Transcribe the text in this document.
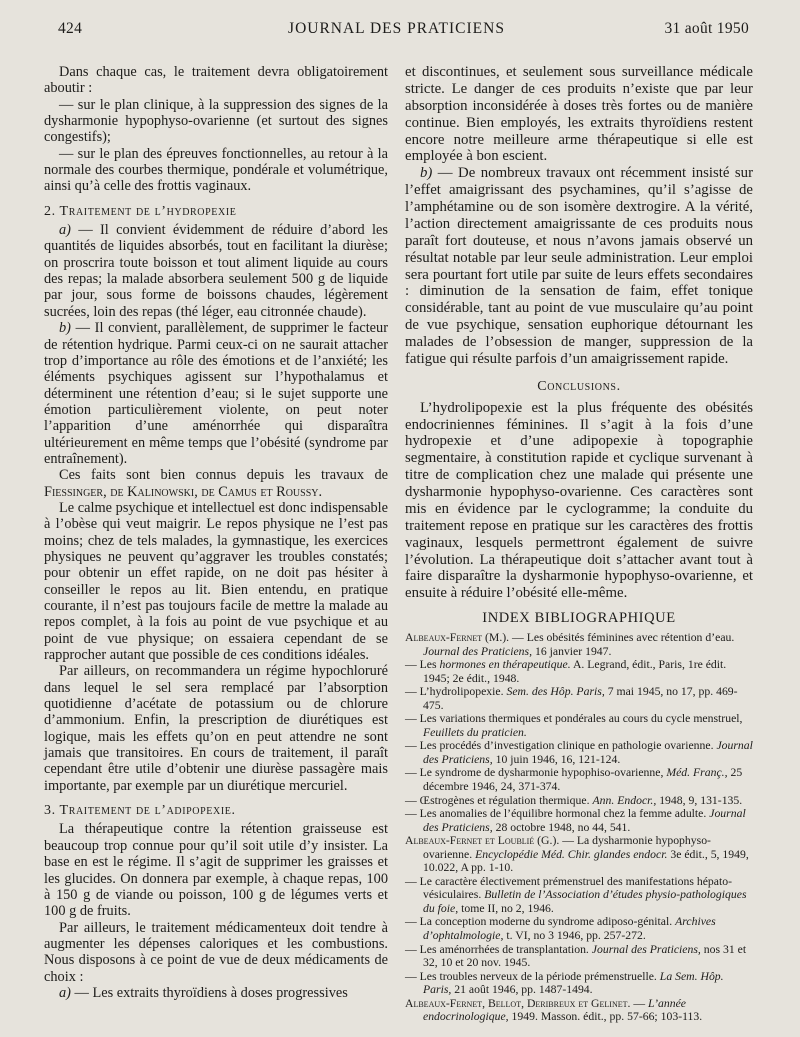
424	JOURNAL DES PRATICIENS	31 août 1950

Dans chaque cas, le traitement devra obligatoirement aboutir :

— sur le plan clinique, à la suppression des signes de la dysharmonie hypophyso-ovarienne (et surtout des signes congestifs);

— sur le plan des épreuves fonctionnelles, au retour à la normale des courbes thermique, pondérale et volumétrique, ainsi qu’à celle des frottis vaginaux.

2. Traitement de l’hydropexie

a) — Il convient évidemment de réduire d’abord les quantités de liquides absorbés, tout en facilitant la diurèse; on proscrira toute boisson et tout aliment liquide au cours des repas; la malade absorbera seulement 500 g de liquide par jour, sous forme de boissons chaudes, légèrement sucrées, loin des repas (thé léger, eau citronnée chaude).

b) — Il convient, parallèlement, de supprimer le facteur de rétention hydrique. Parmi ceux-ci on ne saurait attacher trop d’importance au rôle des émotions et de l’anxiété; les éléments psychiques agissent sur l’hypothalamus et déterminent une rétention d’eau; si le sujet supporte une émotion particulièrement violente, on peut noter l’apparition d’une aménorrhée qui disparaîtra ultérieurement en même temps que l’obésité (syndrome par entraînement).

Ces faits sont bien connus depuis les travaux de Fiessinger, de Kalinowski, de Camus et Roussy.

Le calme psychique et intellectuel est donc indispensable à l’obèse qui veut maigrir. Le repos physique ne l’est pas moins; chez de tels malades, la gymnastique, les exercices physiques ne peuvent qu’aggraver les troubles constatés; pour obtenir un effet rapide, on ne doit pas hésiter à conseiller le repos au lit. Bien entendu, en pratique courante, il n’est pas toujours facile de mettre la malade au repos complet, à la fois au point de vue psychique et au point de vue physique; on essaiera cependant de se rapprocher autant que possible de ces conditions idéales.

Par ailleurs, on recommandera un régime hypochloruré dans lequel le sel sera remplacé par l’absorption quotidienne d’acétate de potassium ou de chlorure d’ammonium. Enfin, la prescription de diurétiques est logique, mais les effets qu’on en peut attendre ne sont jamais que transitoires. En cours de traitement, il paraît cependant être utile d’obtenir une diurèse passagère mais importante, par exemple par un diurétique mercuriel.

3. Traitement de l’adipopexie.

La thérapeutique contre la rétention graisseuse est beaucoup trop connue pour qu’il soit utile d’y insister. La base en est le régime. Il s’agit de supprimer les graisses et les glucides. On donnera par exemple, à chaque repas, 100 à 150 g de viande ou poisson, 100 g de légumes verts et 100 g de fruits.

Par ailleurs, le traitement médicamenteux doit tendre à augmenter les dépenses caloriques et les combustions. Nous disposons à ce point de vue de deux médicaments de choix :

a) — Les extraits thyroïdiens à doses progressives

et discontinues, et seulement sous surveillance médicale stricte. Le danger de ces produits n’existe que par leur absorption inconsidérée à doses très fortes ou de manière continue. Bien employés, les extraits thyroïdiens restent encore notre meilleure arme thérapeutique si elle est employée à bon escient.

b) — De nombreux travaux ont récemment insisté sur l’effet amaigrissant des psychamines, qu’il s’agisse de l’amphétamine ou de son isomère dextrogire. A la vérité, l’action directement amaigrissante de ces produits nous paraît fort douteuse, et nous n’avons jamais observé un résultat notable par leur seule administration. Leur emploi sera pourtant fort utile par suite de leurs effets secondaires : diminution de la sensation de faim, effet tonique considérable, tant au point de vue musculaire qu’au point de vue psychique, sensation euphorique détournant les malades de l’obsession de manger, suppression de la fatigue qui résulte parfois d’un amaigrissement rapide.

Conclusions.

L’hydrolipopexie est la plus fréquente des obésités endocriniennes féminines. Il s’agit à la fois d’une hydropexie et d’une adipopexie à topographie segmentaire, à constitution rapide et cyclique survenant à titre de complication chez une malade qui présente une dysharmonie hypophyso-ovarienne. Ces caractères sont mis en évidence par le cyclogramme; la conduite du traitement repose en pratique sur les caractères des frottis vaginaux, lesquels permettront également de suivre l’évolution. La thérapeutique doit s’attacher avant tout à faire disparaître la dysharmonie hypophyso-ovarienne, et ensuite à réduire l’obésité elle-même.

INDEX BIBLIOGRAPHIQUE

Albeaux-Fernet (M.). — Les obésités féminines avec rétention d’eau. Journal des Praticiens, 16 janvier 1947.
— Les hormones en thérapeutique. A. Legrand, édit., Paris, 1re édit. 1945; 2e édit., 1948.
— L’hydrolipopexie. Sem. des Hôp. Paris, 7 mai 1945, no 17, pp. 469-475.
— Les variations thermiques et pondérales au cours du cycle menstruel, Feuillets du praticien.
— Les procédés d’investigation clinique en pathologie ovarienne. Journal des Praticiens, 10 juin 1946, 16, 121-124.
— Le syndrome de dysharmonie hypophiso-ovarienne, Méd. Franç., 25 décembre 1946, 24, 371-374.
— Œstrogènes et régulation thermique. Ann. Endocr., 1948, 9, 131-135.
— Les anomalies de l’équilibre hormonal chez la femme adulte. Journal des Praticiens, 28 octobre 1948, no 44, 541.
Albeaux-Fernet et Loublié (G.). — La dysharmonie hypophyso-ovarienne. Encyclopédie Méd. Chir. glandes endocr. 3e édit., 5, 1949, 10.022, A pp. 1-10.
— Le caractère électivement prémenstruel des manifestations hépato-vésiculaires. Bulletin de l’Association d’études physio-pathologiques du foie, tome II, no 2, 1946.
— La conception moderne du syndrome adiposo-génital. Archives d’ophtalmologie, t. VI, no 3 1946, pp. 257-272.
— Les aménorrhées de transplantation. Journal des Praticiens, nos 31 et 32, 10 et 20 nov. 1945.
— Les troubles nerveux de la période prémenstruelle. La Sem. Hôp. Paris, 21 août 1946, pp. 1487-1494.
Albeaux-Fernet, Bellot, Deribreux et Gelinet. — L’année endocrinologique, 1949. Masson. édit., pp. 57-66; 103-113.
